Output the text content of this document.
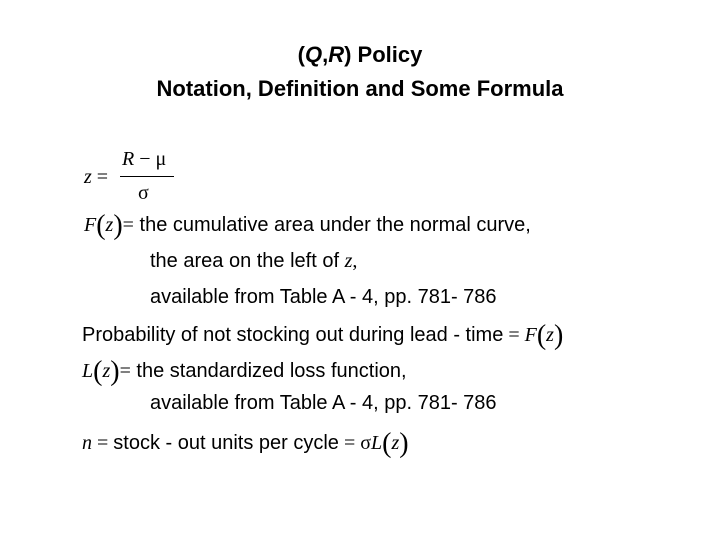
(Q,R) Policy
Notation, Definition and Some Formula
z =
R − μ
σ
F(z)= the cumulative area under the normal curve,
the area on the left of z,
available from Table A - 4, pp. 781- 786
Probability of not stocking out during lead - time = F(z)
L(z)= the standardized loss function,
available from Table A - 4, pp. 781- 786
n = stock - out units per cycle = σL(z)
